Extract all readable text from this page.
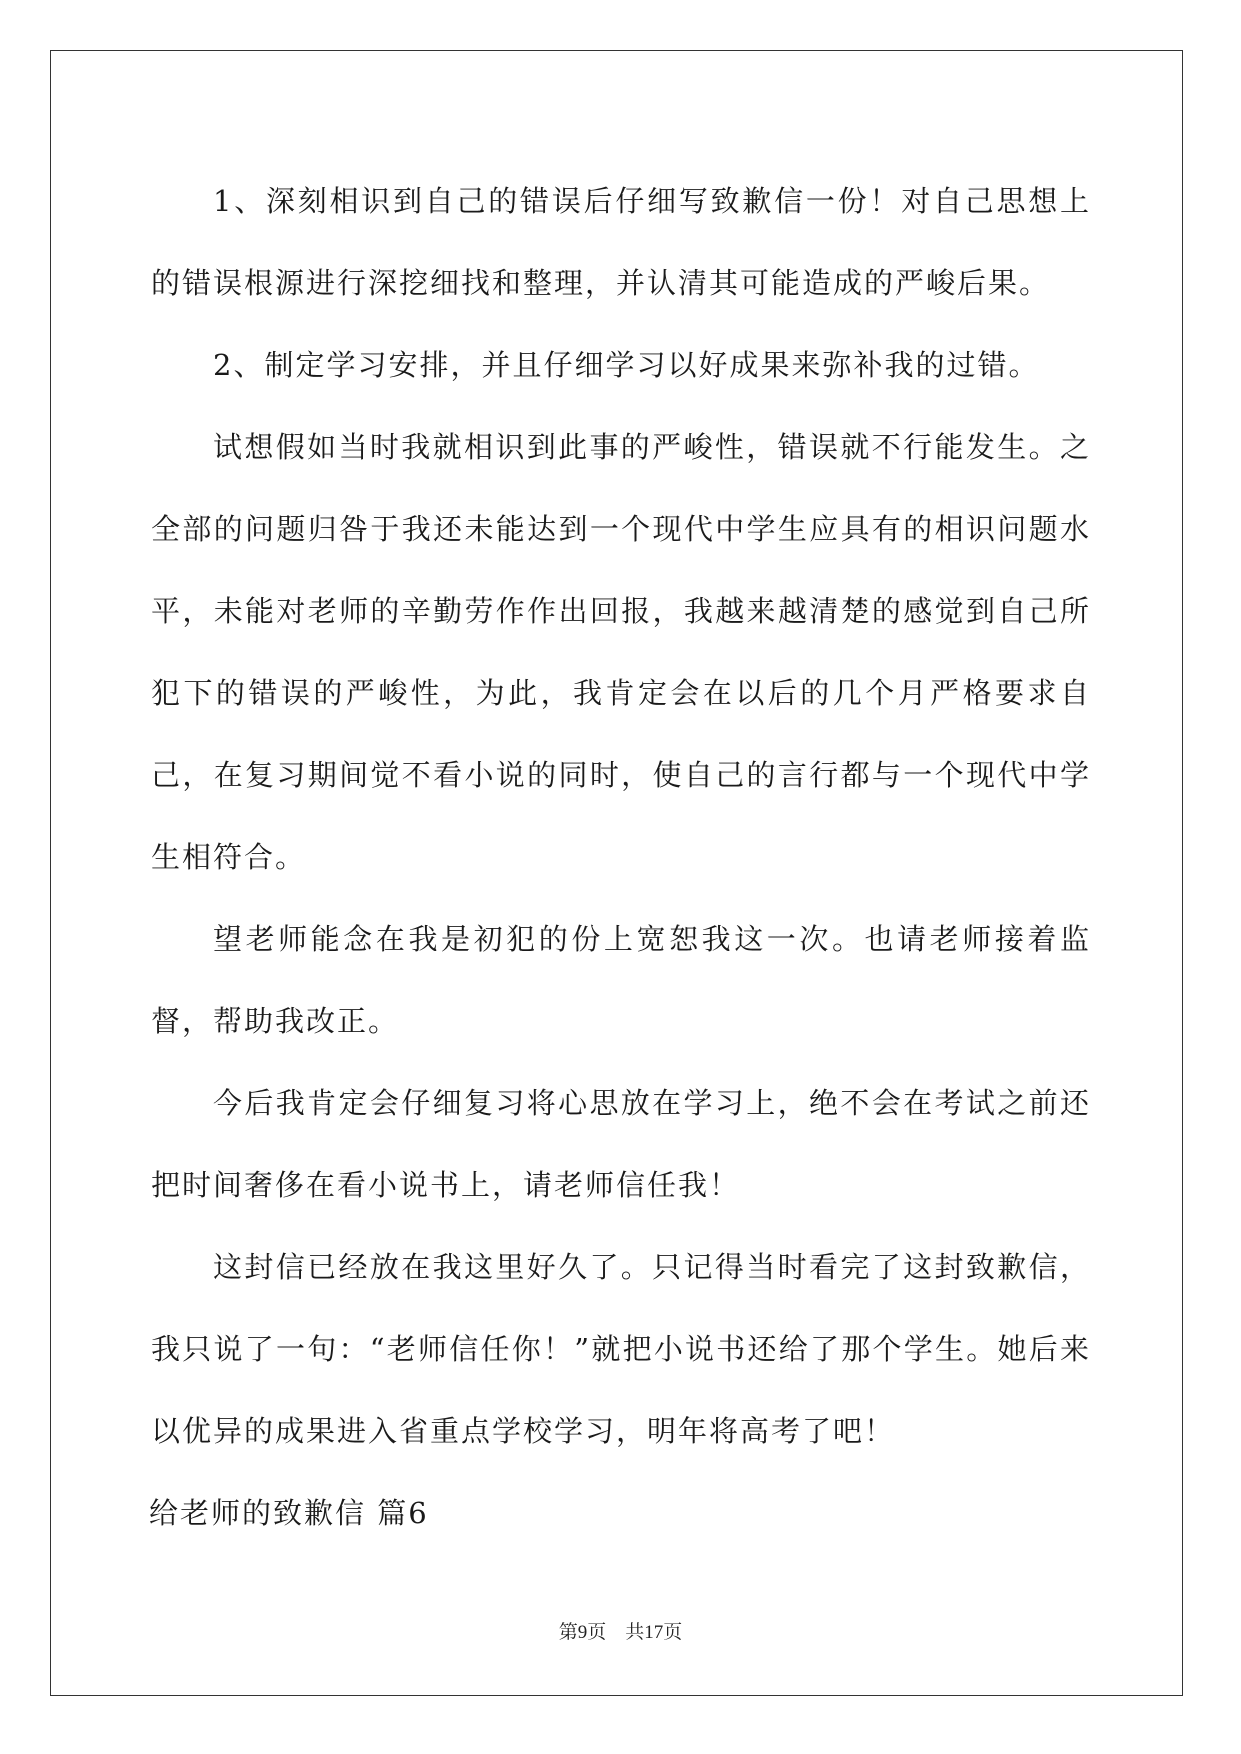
1、深刻相识到自己的错误后仔细写致歉信一份！对自己思想上的错误根源进行深挖细找和整理，并认清其可能造成的严峻后果。

2、制定学习安排，并且仔细学习以好成果来弥补我的过错。

试想假如当时我就相识到此事的严峻性，错误就不行能发生。之全部的问题归咎于我还未能达到一个现代中学生应具有的相识问题水平，未能对老师的辛勤劳作作出回报，我越来越清楚的感觉到自己所犯下的错误的严峻性，为此，我肯定会在以后的几个月严格要求自己，在复习期间觉不看小说的同时，使自己的言行都与一个现代中学生相符合。

望老师能念在我是初犯的份上宽恕我这一次。也请老师接着监督，帮助我改正。

今后我肯定会仔细复习将心思放在学习上，绝不会在考试之前还把时间奢侈在看小说书上，请老师信任我！

这封信已经放在我这里好久了。只记得当时看完了这封致歉信，我只说了一句：“老师信任你！”就把小说书还给了那个学生。她后来以优异的成果进入省重点学校学习，明年将高考了吧！

给老师的致歉信 篇6

第9页 共17页
